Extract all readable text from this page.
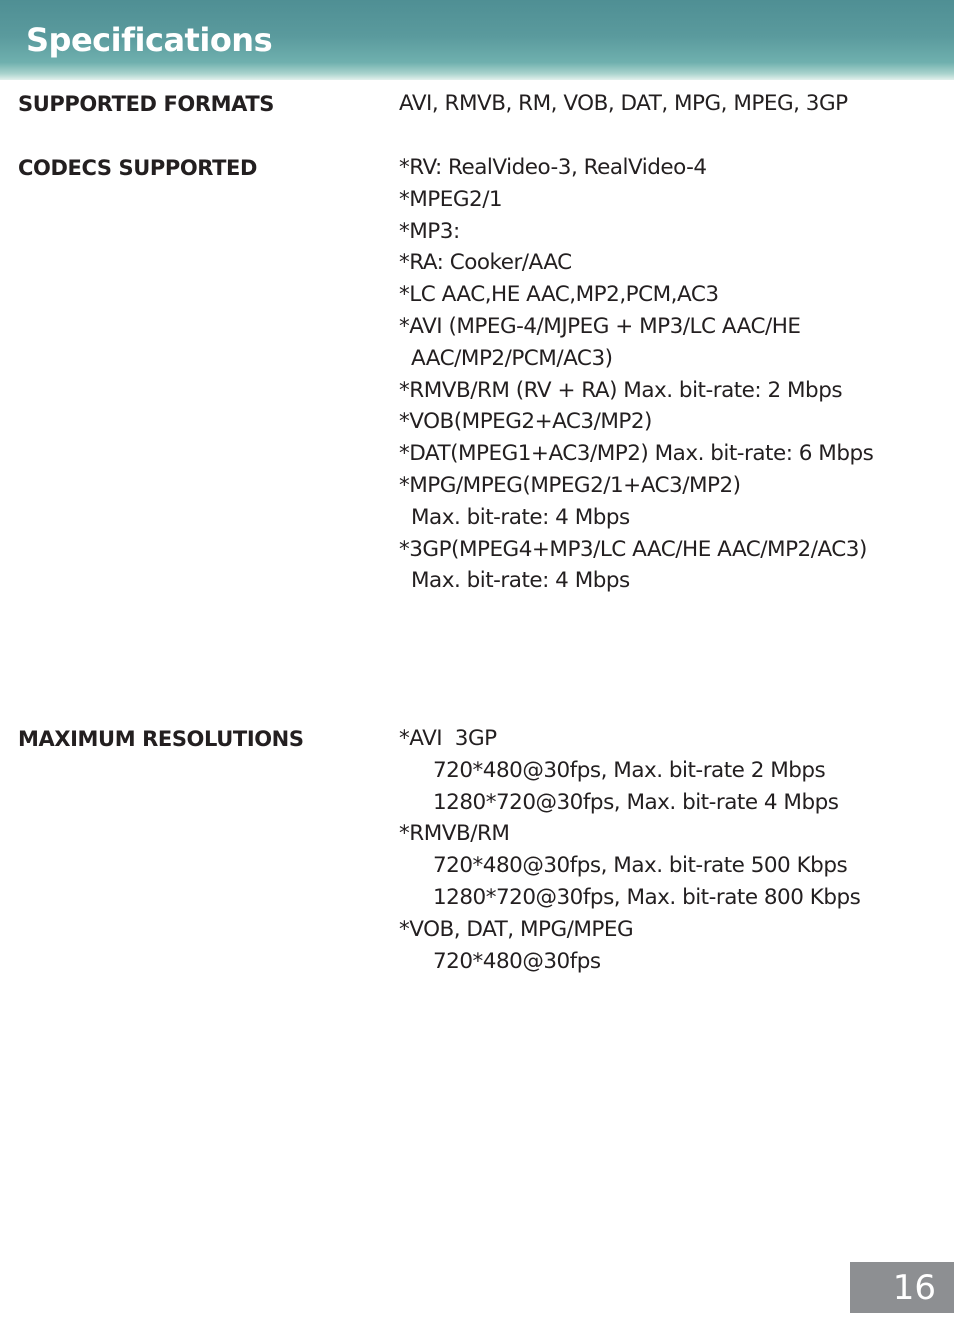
Specifications
SUPPORTED FORMATS	AVI, RMVB, RM, VOB, DAT, MPG, MPEG, 3GP
CODECS SUPPORTED	*RV: RealVideo-3, RealVideo-4
*MPEG2/1
*MP3:
*RA: Cooker/AAC
*LC AAC,HE AAC,MP2,PCM,AC3
*AVI (MPEG-4/MJPEG + MP3/LC AAC/HE
AAC/MP2/PCM/AC3)
*RMVB/RM (RV + RA) Max. bit-rate: 2 Mbps
*VOB(MPEG2+AC3/MP2)
*DAT(MPEG1+AC3/MP2) Max. bit-rate: 6 Mbps
*MPG/MPEG(MPEG2/1+AC3/MP2)
Max. bit-rate: 4 Mbps
*3GP(MPEG4+MP3/LC AAC/HE AAC/MP2/AC3)
Max. bit-rate: 4 Mbps
MAXIMUM RESOLUTIONS	*AVI  3GP
720*480@30fps, Max. bit-rate 2 Mbps
1280*720@30fps, Max. bit-rate 4 Mbps
*RMVB/RM
720*480@30fps, Max. bit-rate 500 Kbps
1280*720@30fps, Max. bit-rate 800 Kbps
*VOB, DAT, MPG/MPEG
720*480@30fps
16
